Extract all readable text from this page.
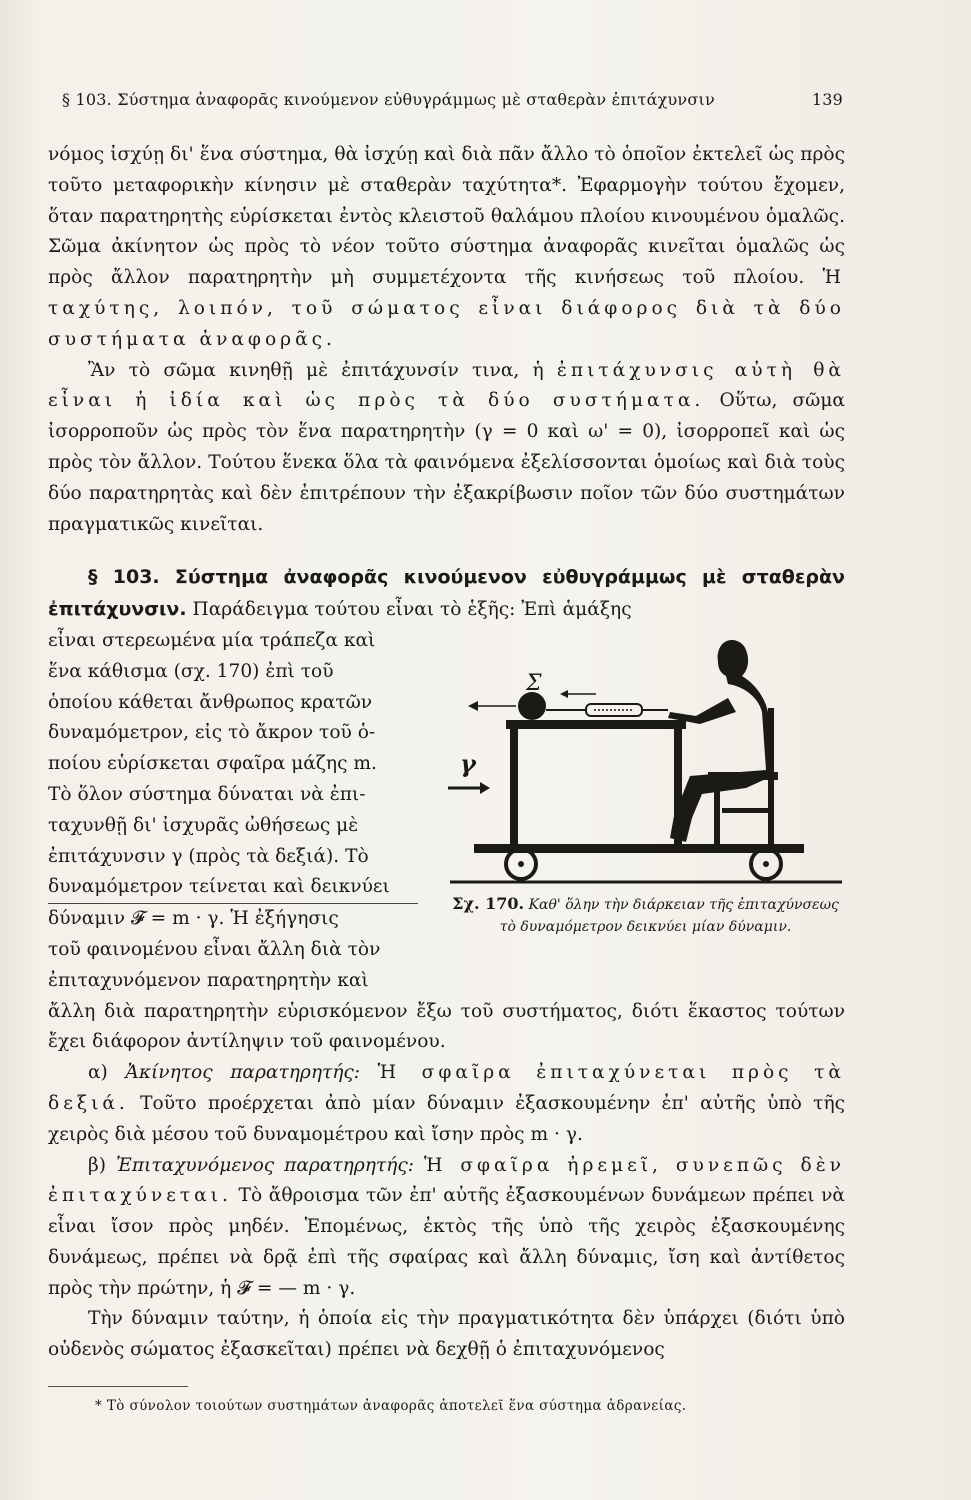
§ 103. Σύστημα ἀναφορᾶς κινούμενον εὐθυγράμμως μὲ σταθερὰν ἐπιτάχυνσιν	139

νόμος ἰσχύῃ δι' ἕνα σύστημα, θὰ ἰσχύῃ καὶ διὰ πᾶν ἄλλο τὸ ὁποῖον ἐκτελεῖ ὡς πρὸς τοῦτο μεταφορικὴν κίνησιν μὲ σταθερὰν ταχύτητα*. Ἐφαρμογὴν τούτου ἔχομεν, ὅταν παρατηρητὴς εὑρίσκεται ἐντὸς κλειστοῦ θαλάμου πλοίου κινουμένου ὁμαλῶς. Σῶμα ἀκίνητον ὡς πρὸς τὸ νέον τοῦτο σύστημα ἀναφορᾶς κινεῖται ὁμαλῶς ὡς πρὸς ἄλλον παρατηρητὴν μὴ συμμετέχοντα τῆς κινήσεως τοῦ πλοίου. Ἡ ταχύτης, λοιπόν, τοῦ σώματος εἶναι διάφορος διὰ τὰ δύο συστήματα ἀναφορᾶς.

Ἂν τὸ σῶμα κινηθῇ μὲ ἐπιτάχυνσίν τινα, ἡ ἐπιτάχυνσις αὐτὴ θὰ εἶναι ἡ ἰδία καὶ ὡς πρὸς τὰ δύο συστήματα. Οὕτω, σῶμα ἰσορροποῦν ὡς πρὸς τὸν ἕνα παρατηρητὴν (γ = 0 καὶ ω' = 0), ἰσορροπεῖ καὶ ὡς πρὸς τὸν ἄλλον. Τούτου ἕνεκα ὅλα τὰ φαινόμενα ἐξελίσσονται ὁμοίως καὶ διὰ τοὺς δύο παρατηρητὰς καὶ δὲν ἐπιτρέπουν τὴν ἐξακρίβωσιν ποῖον τῶν δύο συστημάτων πραγματικῶς κινεῖται.

§ 103. Σύστημα ἀναφορᾶς κινούμενον εὐθυγράμμως μὲ σταθερὰν ἐπιτάχυνσιν. Παράδειγμα τούτου εἶναι τὸ ἑξῆς: Ἐπὶ ἁμάξης

εἶναι στερεωμένα μία τράπεζα καὶ
ἕνα κάθισμα (σχ. 170) ἐπὶ τοῦ
ὁποίου κάθεται ἄνθρωπος κρατῶν
δυναμόμετρον, εἰς τὸ ἄκρον τοῦ ὁ-
ποίου εὑρίσκεται σφαῖρα μάζης m.
Τὸ ὅλον σύστημα δύναται νὰ ἐπι-
ταχυνθῇ δι' ἰσχυρᾶς ὠθήσεως μὲ
ἐπιτάχυνσιν γ (πρὸς τὰ δεξιά). Τὸ
δυναμόμετρον τείνεται καὶ δεικνύει
δύναμιν 𝓕 = m · γ. Ἡ ἐξήγησις
τοῦ φαινομένου εἶναι ἄλλη διὰ τὸν
ἐπιταχυνόμενον παρατηρητὴν καὶ

ἄλλη διὰ παρατηρητὴν εὑρισκόμενον ἔξω τοῦ συστήματος, διότι ἕκαστος τούτων ἔχει διάφορον ἀντίληψιν τοῦ φαινομένου.

α) Ἀκίνητος παρατηρητής: Ἡ σφαῖρα ἐπιταχύνεται πρὸς τὰ δεξιά. Τοῦτο προέρχεται ἀπὸ μίαν δύναμιν ἐξασκουμένην ἐπ' αὐτῆς ὑπὸ τῆς χειρὸς διὰ μέσου τοῦ δυναμομέτρου καὶ ἴσην πρὸς m · γ.

β) Ἐπιταχυνόμενος παρατηρητής: Ἡ σφαῖρα ἠρεμεῖ, συνεπῶς δὲν ἐπιταχύνεται. Τὸ ἄθροισμα τῶν ἐπ' αὐτῆς ἐξασκουμένων δυνάμεων πρέπει νὰ εἶναι ἴσον πρὸς μηδέν. Ἑπομένως, ἐκτὸς τῆς ὑπὸ τῆς χειρὸς ἐξασκουμένης δυνάμεως, πρέπει νὰ δρᾷ ἐπὶ τῆς σφαίρας καὶ ἄλλη δύναμις, ἴση καὶ ἀντίθετος πρὸς τὴν πρώτην, ἡ 𝓕 = — m · γ.

Τὴν δύναμιν ταύτην, ἡ ὁποία εἰς τὴν πραγματικότητα δὲν ὑπάρχει (διότι ὑπὸ οὐδενὸς σώματος ἐξασκεῖται) πρέπει νὰ δεχθῇ ὁ ἐπιταχυνόμενος

Σ
γ
Σχ. 170. Καθ' ὅλην τὴν διάρκειαν τῆς ἐπιταχύνσεως τὸ δυναμόμετρον δεικνύει μίαν δύναμιν.
* Τὸ σύνολον τοιούτων συστημάτων ἀναφορᾶς ἀποτελεῖ ἕνα σύστημα ἀδρανείας.
